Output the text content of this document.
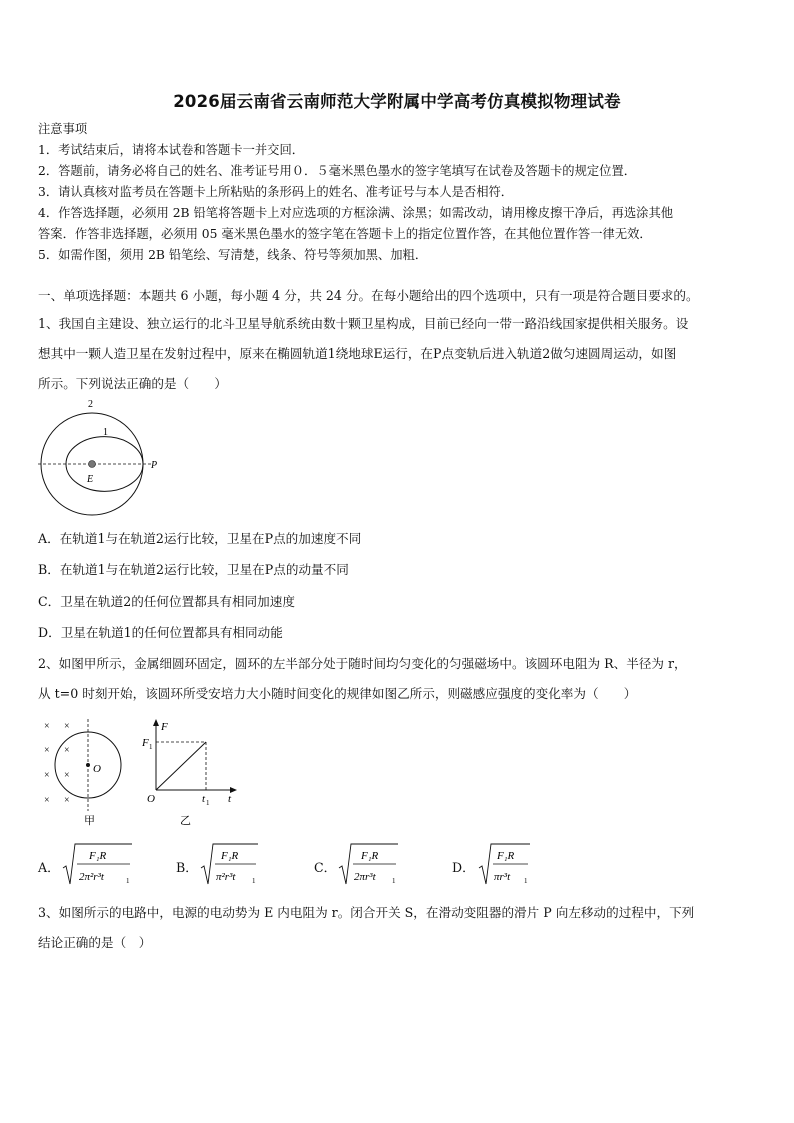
2026届云南省云南师范大学附属中学高考仿真模拟物理试卷
注意事项
1．考试结束后，请将本试卷和答题卡一并交回．
2．答题前，请务必将自己的姓名、准考证号用０．５毫米黑色墨水的签字笔填写在试卷及答题卡的规定位置．
3．请认真核对监考员在答题卡上所粘贴的条形码上的姓名、准考证号与本人是否相符．
4．作答选择题，必须用 2B 铅笔将答题卡上对应选项的方框涂满、涂黑；如需改动，请用橡皮擦干净后，再选涂其他
答案．作答非选择题，必须用 05 毫米黑色墨水的签字笔在答题卡上的指定位置作答，在其他位置作答一律无效．
5．如需作图，须用 2B 铅笔绘、写清楚，线条、符号等须加黑、加粗．
一、单项选择题：本题共 6 小题，每小题 4 分，共 24 分。在每小题给出的四个选项中，只有一项是符合题目要求的。
1、我国自主建设、独立运行的北斗卫星导航系统由数十颗卫星构成，目前已经向一带一路沿线国家提供相关服务。设
想其中一颗人造卫星在发射过程中，原来在椭圆轨道1绕地球E运行，在P点变轨后进入轨道2做匀速圆周运动，如图
所示。下列说法正确的是（　　）
2
1
E
P
A．在轨道1与在轨道2运行比较，卫星在P点的加速度不同
B．在轨道1与在轨道2运行比较，卫星在P点的动量不同
C．卫星在轨道2的任何位置都具有相同加速度
D．卫星在轨道1的任何位置都具有相同动能
2、如图甲所示，金属细圆环固定，圆环的左半部分处于随时间均匀变化的匀强磁场中。该圆环电阻为 R、半径为 r，
从 t=0 时刻开始，该圆环所受安培力大小随时间变化的规律如图乙所示，则磁感应强度的变化率为（　　）
× ×
× ×
× ×
× ×
O
甲
F
t
O
F 1
t 1
乙
A．
F₁R
2π²r³t	1
B．
F₁R
π²r³t 1
C．
F₁R
2πr³t 1
D．
F₁R
πr³t 1
3、如图所示的电路中，电源的电动势为 E 内电阻为 r。闭合开关 S，在滑动变阻器的滑片 P 向左移动的过程中，下列
结论正确的是（　）
